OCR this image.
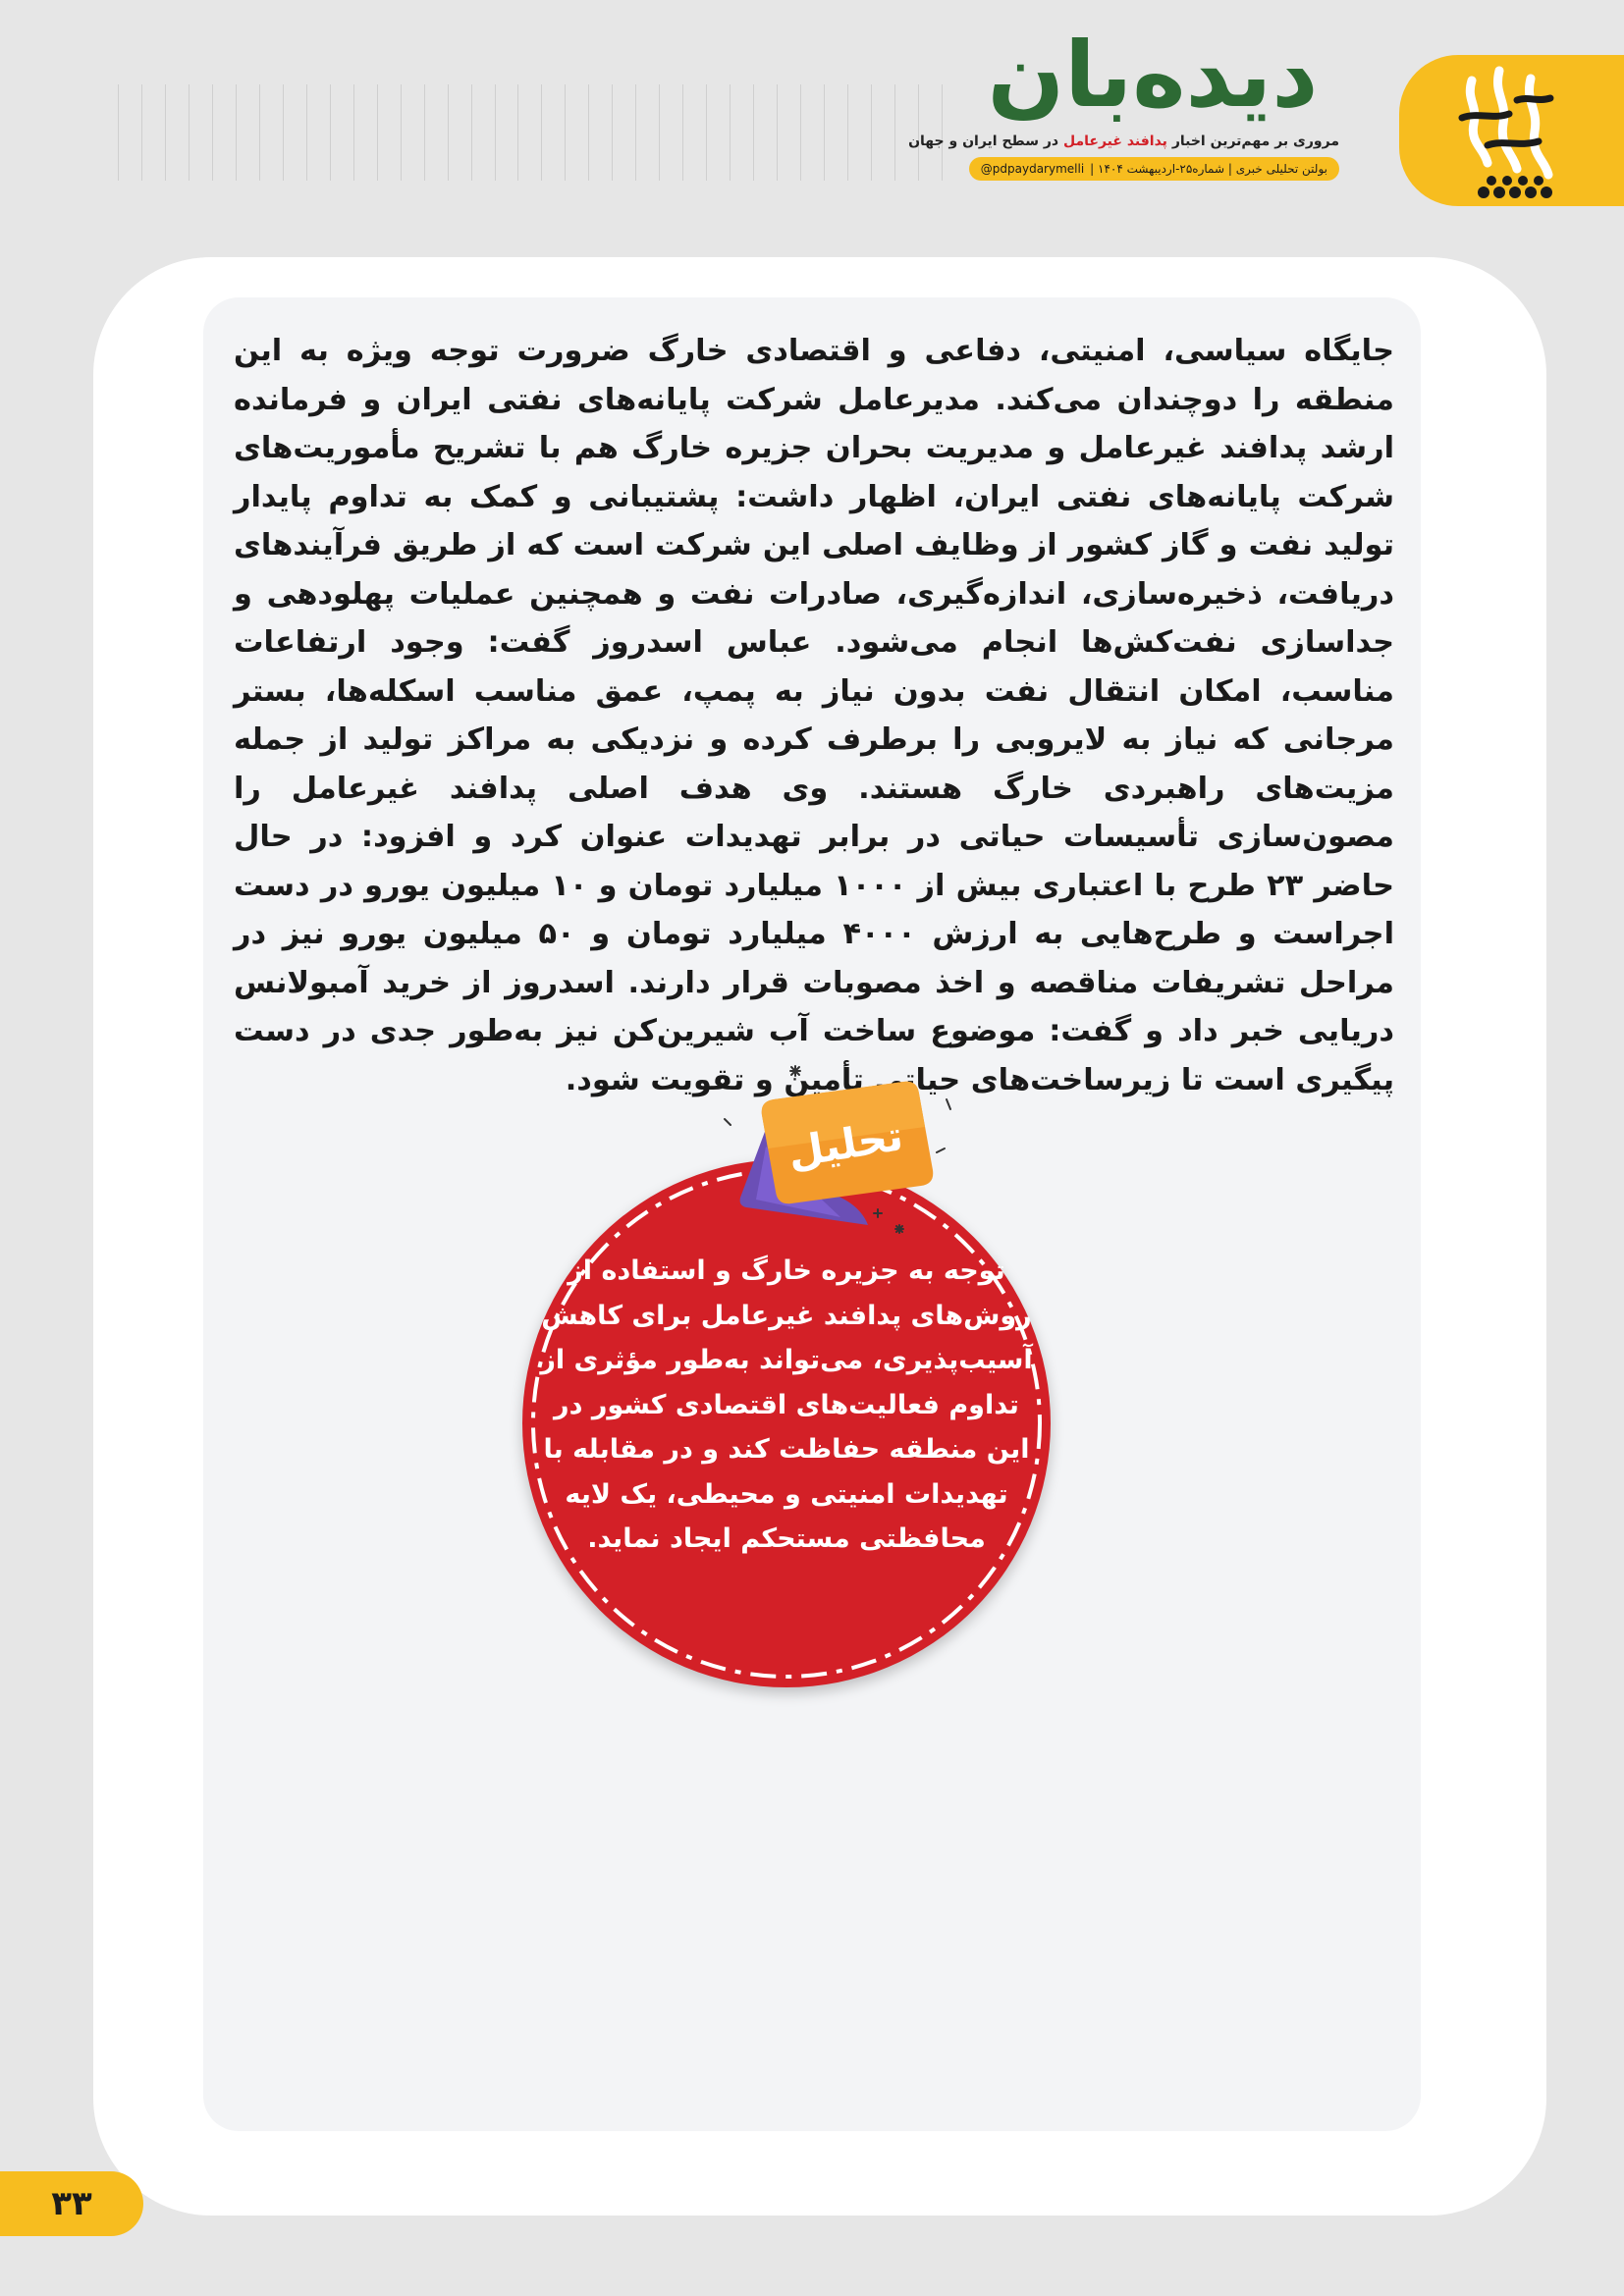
دیده‌بان
مروری بر مهم‌ترین اخبار پدافند غیرعامل در سطح ایران و جهان
بولتن تحلیلی خبری | شماره۲۵-اردیبهشت ۱۴۰۴ |
@pdpaydarymelli

جایگاه سیاسی، امنیتی، دفاعی و اقتصادی خارگ ضرورت توجه ویژه به این منطقه را دوچندان می‌کند. مدیرعامل شرکت پایانه‌های نفتی ایران و فرمانده ارشد پدافند غیرعامل و مدیریت بحران جزیره خارگ هم با تشریح مأموریت‌های شرکت پایانه‌های نفتی ایران، اظهار داشت: پشتیبانی و کمک به تداوم پایدار تولید نفت و گاز کشور از وظایف اصلی این شرکت است که از طریق فرآیندهای دریافت، ذخیره‌سازی، اندازه‌گیری، صادرات نفت و همچنین عملیات پهلودهی و جداسازی نفت‌کش‌ها انجام می‌شود. عباس اسدروز گفت: وجود ارتفاعات مناسب، امکان انتقال نفت بدون نیاز به پمپ، عمق مناسب اسکله‌ها، بستر مرجانی که نیاز به لایروبی را برطرف کرده و نزدیکی به مراکز تولید از جمله مزیت‌های راهبردی خارگ هستند. وی هدف اصلی پدافند غیرعامل را مصون‌سازی تأسیسات حیاتی در برابر تهدیدات عنوان کرد و افزود: در حال حاضر ۲۳ طرح با اعتباری بیش از ۱۰۰۰ میلیارد تومان و ۱۰ میلیون یورو در دست اجراست و طرح‌هایی به ارزش ۴۰۰۰ میلیارد تومان و ۵۰ میلیون یورو نیز در مراحل تشریفات مناقصه و اخذ مصوبات قرار دارند. اسدروز از خرید آمبولانس دریایی خبر داد و گفت: موضوع ساخت آب شیرین‌کن نیز به‌طور جدی در دست پیگیری است تا زیرساخت‌های حیاتی تأمین و تقویت شود.

توجه به جزیره خارگ و استفاده از روش‌های پدافند غیرعامل برای کاهش آسیب‌پذیری، می‌تواند به‌طور مؤثری از تداوم فعالیت‌های اقتصادی کشور در این منطقه حفاظت کند و در مقابله با تهدیدات امنیتی و محیطی، یک لایه محافظتی مستحکم ایجاد نماید.

تحلیل
۳۳
